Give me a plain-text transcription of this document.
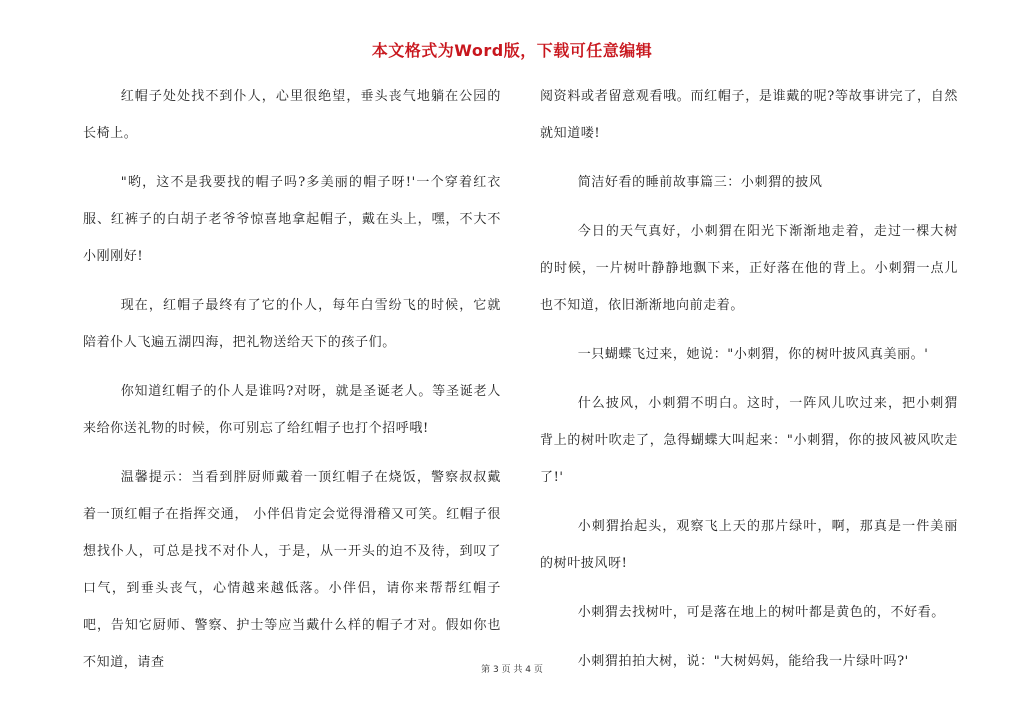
本文格式为Word版，下载可任意编辑

红帽子处处找不到仆人，心里很绝望，垂头丧气地躺在公园的长椅上。

"哟，这不是我要找的帽子吗?多美丽的帽子呀!'一个穿着红衣服、红裤子的白胡子老爷爷惊喜地拿起帽子，戴在头上，嘿，不大不小刚刚好!

现在，红帽子最终有了它的仆人，每年白雪纷飞的时候，它就陪着仆人飞遍五湖四海，把礼物送给天下的孩子们。

你知道红帽子的仆人是谁吗?对呀，就是圣诞老人。等圣诞老人来给你送礼物的时候，你可别忘了给红帽子也打个招呼哦!

温馨提示：当看到胖厨师戴着一顶红帽子在烧饭，警察叔叔戴着一顶红帽子在指挥交通， 小伴侣肯定会觉得滑稽又可笑。红帽子很想找仆人，可总是找不对仆人，于是，从一开头的迫不及待，到叹了口气，到垂头丧气，心情越来越低落。小伴侣，请你来帮帮红帽子吧，告知它厨师、警察、护士等应当戴什么样的帽子才对。假如你也不知道，请查

阅资料或者留意观看哦。而红帽子，是谁戴的呢?等故事讲完了，自然就知道喽!

简洁好看的睡前故事篇三：小刺猬的披风

今日的天气真好，小刺猬在阳光下渐渐地走着，走过一棵大树的时候，一片树叶静静地飘下来，正好落在他的背上。小刺猬一点儿也不知道，依旧渐渐地向前走着。

一只蝴蝶飞过来，她说："小刺猬，你的树叶披风真美丽。'

什么披风，小刺猬不明白。这时，一阵风儿吹过来，把小刺猬背上的树叶吹走了，急得蝴蝶大叫起来："小刺猬，你的披风被风吹走了!'

小刺猬抬起头，观察飞上天的那片绿叶，啊，那真是一件美丽的树叶披风呀!

小刺猬去找树叶，可是落在地上的树叶都是黄色的，不好看。

小刺猬拍拍大树，说："大树妈妈，能给我一片绿叶吗?'

第 3 页 共 4 页
